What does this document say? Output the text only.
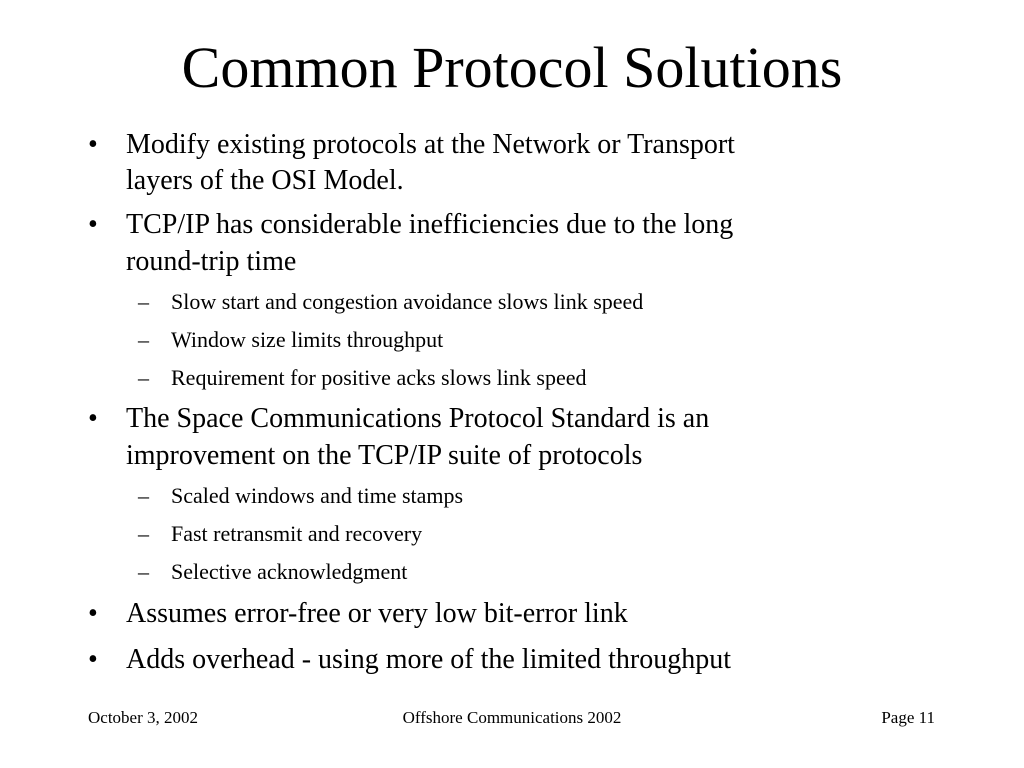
Common Protocol Solutions
• Modify existing protocols at the Network or Transport
layers of the OSI Model.
• TCP/IP has considerable inefficiencies due to the long
round-trip time
– Slow start and congestion avoidance slows link speed
– Window size limits throughput
– Requirement for positive acks slows link speed
• The Space Communications Protocol Standard is an
improvement on the TCP/IP suite of protocols
– Scaled windows and time stamps
– Fast retransmit and recovery
– Selective acknowledgment
• Assumes error-free or very low bit-error link
• Adds overhead - using more of the limited throughput
October 3, 2002	Offshore Communications 2002	Page 11
